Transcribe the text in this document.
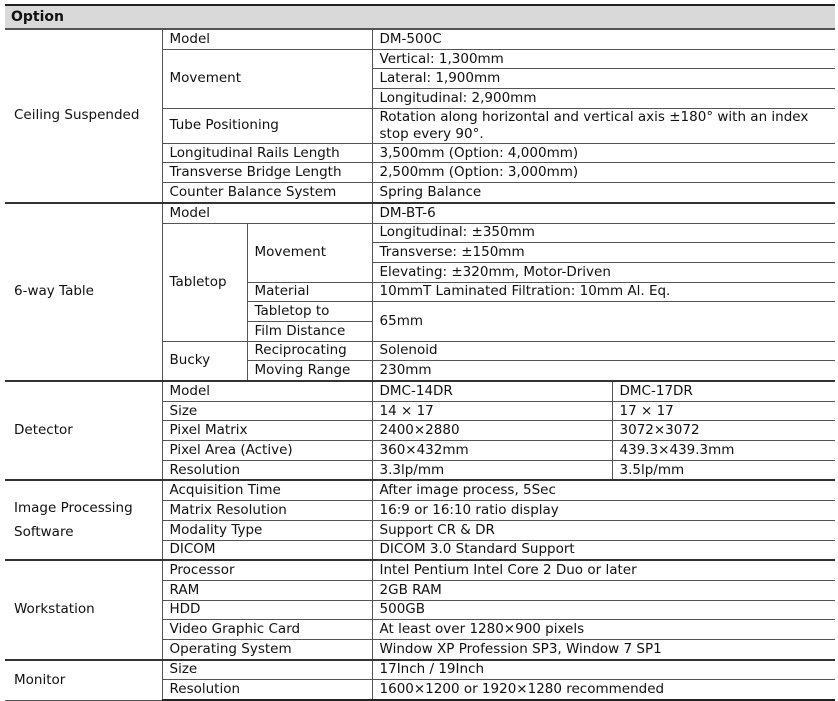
Option
Ceiling Suspended	Model		DM-500C	
	Movement		Vertical: 1,300mm	
			Lateral: 1,900mm	
			Longitudinal: 2,900mm	
	Tube Positioning		Rotation along horizontal and vertical axis ±180° with an index stop every 90°.	

	Longitudinal Rails Length		3,500mm (Option: 4,000mm)	
	Transverse Bridge Length		2,500mm (Option: 3,000mm)	
	Counter Balance System		Spring Balance	
6-way Table	Model		DM-BT-6	
	Tabletop	Movement	Longitudinal: ±350mm	
			Transverse: ±150mm	
			Elevating: ±320mm, Motor-Driven	
		Material	10mmT Laminated Filtration: 10mm Al. Eq.	
		Tabletop to	65mm	
		Film Distance		
	Bucky	Reciprocating	Solenoid	
		Moving Range	230mm	
Detector	Model		DMC-14DR	DMC-17DR
	Size		14 × 17	17 × 17
	Pixel Matrix		2400×2880	3072×3072
	Pixel Area (Active)		360×432mm	439.3×439.3mm
	Resolution		3.3lp/mm	3.5lp/mm

Image Processing
Software	Acquisition Time		After image process, 5Sec	
	Matrix Resolution		16:9 or 16:10 ratio display	
	Modality Type		Support CR & DR	
	DICOM		DICOM 3.0 Standard Support	
Workstation	Processor		Intel Pentium Intel Core 2 Duo or later	
	RAM		2GB RAM	
	HDD		500GB	
	Video Graphic Card		At least over 1280×900 pixels	
	Operating System		Window XP Profession SP3, Window 7 SP1	
Monitor	Size		17Inch / 19Inch	
	Resolution		1600×1200 or 1920×1280 recommended	
